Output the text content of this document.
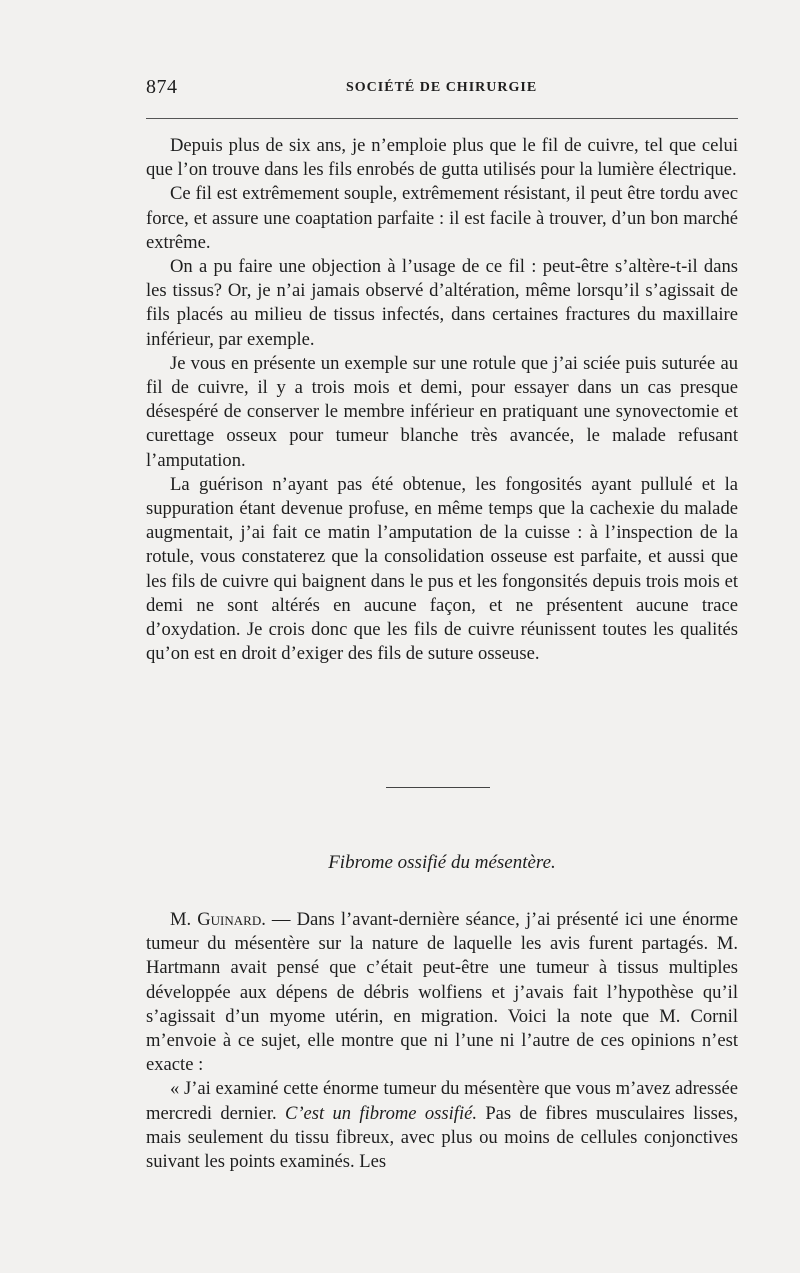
874	SOCIÉTÉ DE CHIRURGIE

Depuis plus de six ans, je n’emploie plus que le fil de cuivre, tel que celui que l’on trouve dans les fils enrobés de gutta utilisés pour la lumière électrique.

Ce fil est extrêmement souple, extrêmement résistant, il peut être tordu avec force, et assure une coaptation parfaite : il est facile à trouver, d’un bon marché extrême.

On a pu faire une objection à l’usage de ce fil : peut-être s’altère-t-il dans les tissus? Or, je n’ai jamais observé d’altération, même lorsqu’il s’agissait de fils placés au milieu de tissus infectés, dans certaines fractures du maxillaire inférieur, par exemple.

Je vous en présente un exemple sur une rotule que j’ai sciée puis suturée au fil de cuivre, il y a trois mois et demi, pour essayer dans un cas presque désespéré de conserver le membre inférieur en pratiquant une synovectomie et curettage osseux pour tumeur blanche très avancée, le malade refusant l’amputation.

La guérison n’ayant pas été obtenue, les fongosités ayant pullulé et la suppuration étant devenue profuse, en même temps que la cachexie du malade augmentait, j’ai fait ce matin l’amputation de la cuisse : à l’inspection de la rotule, vous constaterez que la consolidation osseuse est parfaite, et aussi que les fils de cuivre qui baignent dans le pus et les fongonsités depuis trois mois et demi ne sont altérés en aucune façon, et ne présentent aucune trace d’oxydation. Je crois donc que les fils de cuivre réunissent toutes les qualités qu’on est en droit d’exiger des fils de suture osseuse.

Fibrome ossifié du mésentère.

M. Guinard. — Dans l’avant-dernière séance, j’ai présenté ici une énorme tumeur du mésentère sur la nature de laquelle les avis furent partagés. M. Hartmann avait pensé que c’était peut-être une tumeur à tissus multiples développée aux dépens de débris wolfiens et j’avais fait l’hypothèse qu’il s’agissait d’un myome utérin, en migration. Voici la note que M. Cornil m’envoie à ce sujet, elle montre que ni l’une ni l’autre de ces opinions n’est exacte :

« J’ai examiné cette énorme tumeur du mésentère que vous m’avez adressée mercredi dernier. C’est un fibrome ossifié. Pas de fibres musculaires lisses, mais seulement du tissu fibreux, avec plus ou moins de cellules conjonctives suivant les points examinés. Les
